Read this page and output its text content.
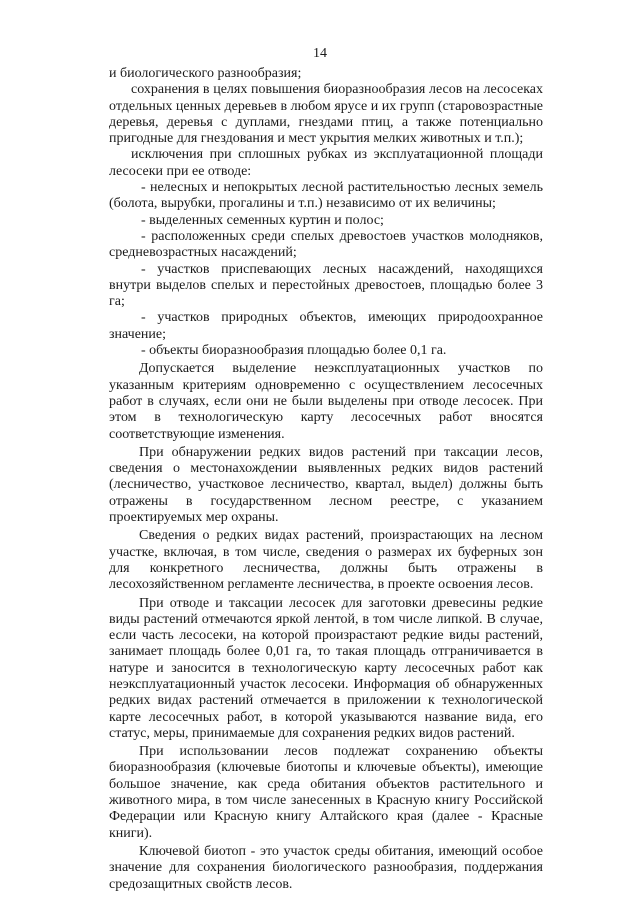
14

и биологического разнообразия;

сохранения в целях повышения биоразнообразия лесов на лесосеках отдельных ценных деревьев в любом ярусе и их групп (старовозрастные деревья, деревья с дуплами, гнездами птиц, а также потенциально пригодные для гнездования и мест укрытия мелких животных и т.п.);

исключения при сплошных рубках из эксплуатационной площади лесосеки при ее отводе:

- нелесных и непокрытых лесной растительностью лесных земель (болота, вырубки, прогалины и т.п.) независимо от их величины;

- выделенных семенных куртин и полос;

- расположенных среди спелых древостоев участков молодняков, средневозрастных насаждений;

- участков приспевающих лесных насаждений, находящихся внутри выделов спелых и перестойных древостоев, площадью более 3 га;

- участков природных объектов, имеющих природоохранное значение;

- объекты биоразнообразия площадью более 0,1 га.

Допускается выделение неэксплуатационных участков по указанным критериям одновременно с осуществлением лесосечных работ в случаях, если они не были выделены при отводе лесосек. При этом в технологическую карту лесосечных работ вносятся соответствующие изменения.

При обнаружении редких видов растений при таксации лесов, сведения о местонахождении выявленных редких видов растений (лесничество, участковое лесничество, квартал, выдел) должны быть отражены в государственном лесном реестре, с указанием проектируемых мер охраны.

Сведения о редких видах растений, произрастающих на лесном участке, включая, в том числе, сведения о размерах их буферных зон для конкретного лесничества, должны быть отражены в лесохозяйственном регламенте лесничества, в проекте освоения лесов.

При отводе и таксации лесосек для заготовки древесины редкие виды растений отмечаются яркой лентой, в том числе липкой. В случае, если часть лесосеки, на которой произрастают редкие виды растений, занимает площадь более 0,01 га, то такая площадь отграничивается в натуре и заносится в технологическую карту лесосечных работ как неэксплуатационный участок лесосеки. Информация об обнаруженных редких видах растений отмечается в приложении к технологической карте лесосечных работ, в которой указываются название вида, его статус, меры, принимаемые для сохранения редких видов растений.

При использовании лесов подлежат сохранению объекты биоразнообразия (ключевые биотопы и ключевые объекты), имеющие большое значение, как среда обитания объектов растительного и животного мира, в том числе занесенных в Красную книгу Российской Федерации или Красную книгу Алтайского края (далее - Красные книги).

Ключевой биотоп - это участок среды обитания, имеющий особое значение для сохранения биологического разнообразия, поддержания средозащитных свойств лесов.
